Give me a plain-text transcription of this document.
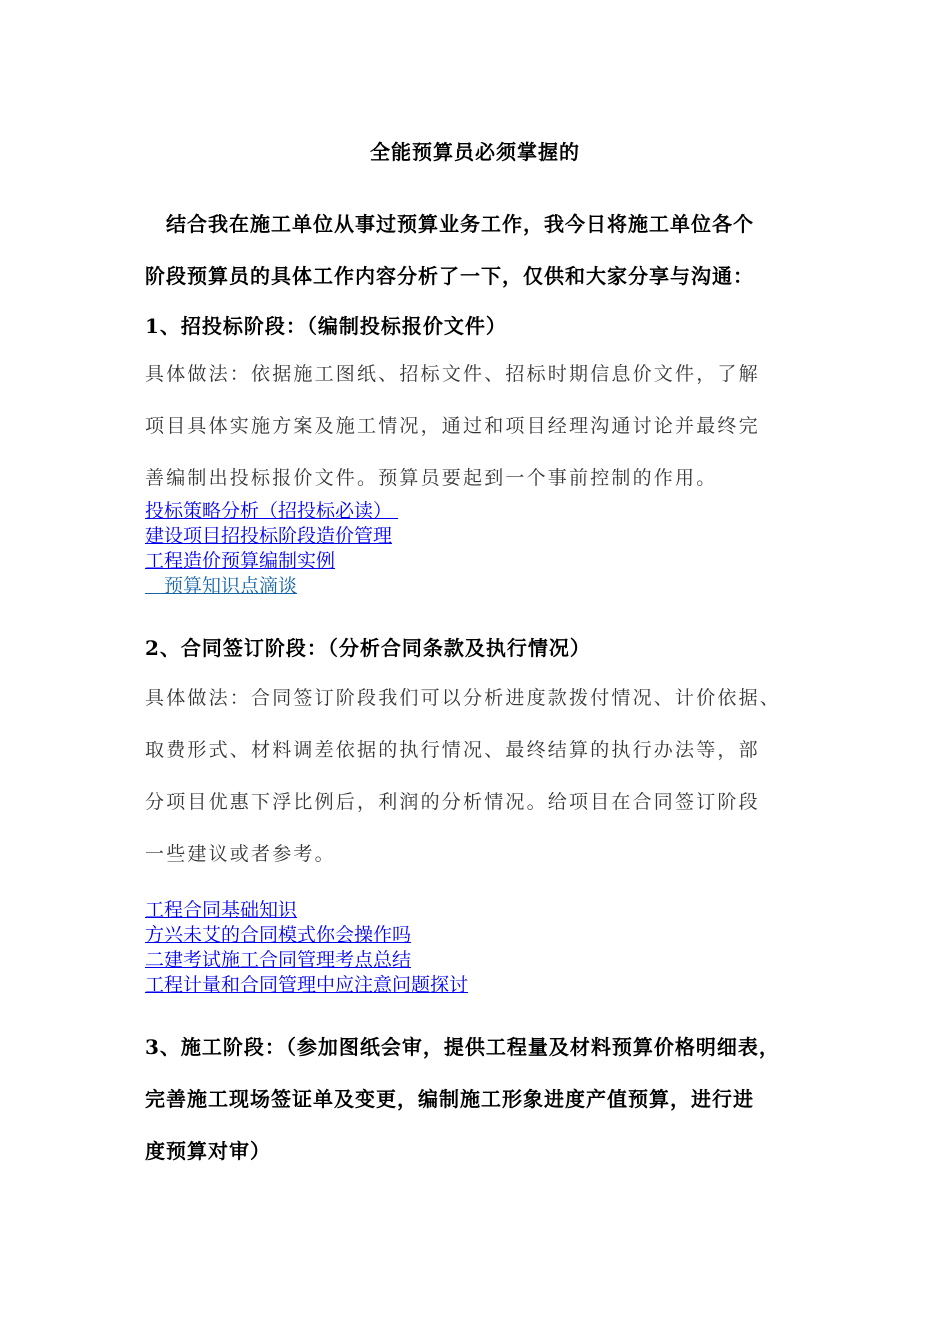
全能预算员必须掌握的
　结合我在施工单位从事过预算业务工作，我今日将施工单位各个
阶段预算员的具体工作内容分析了一下，仅供和大家分享与沟通：
1、招投标阶段：（编制投标报价文件）
具体做法：依据施工图纸、招标文件、招标时期信息价文件，了解
项目具体实施方案及施工情况，通过和项目经理沟通讨论并最终完
善编制出投标报价文件。预算员要起到一个事前控制的作用。
投标策略分析（招投标必读）
建设项目招投标阶段造价管理
工程造价预算编制实例
　预算知识点滴谈
2、合同签订阶段：（分析合同条款及执行情况）
具体做法：合同签订阶段我们可以分析进度款拨付情况、计价依据、
取费形式、材料调差依据的执行情况、最终结算的执行办法等，部
分项目优惠下浮比例后，利润的分析情况。给项目在合同签订阶段
一些建议或者参考。
工程合同基础知识
方兴未艾的合同模式你会操作吗
二建考试施工合同管理考点总结
工程计量和合同管理中应注意问题探讨
3、施工阶段：（参加图纸会审，提供工程量及材料预算价格明细表，
完善施工现场签证单及变更，编制施工形象进度产值预算，进行进
度预算对审）
